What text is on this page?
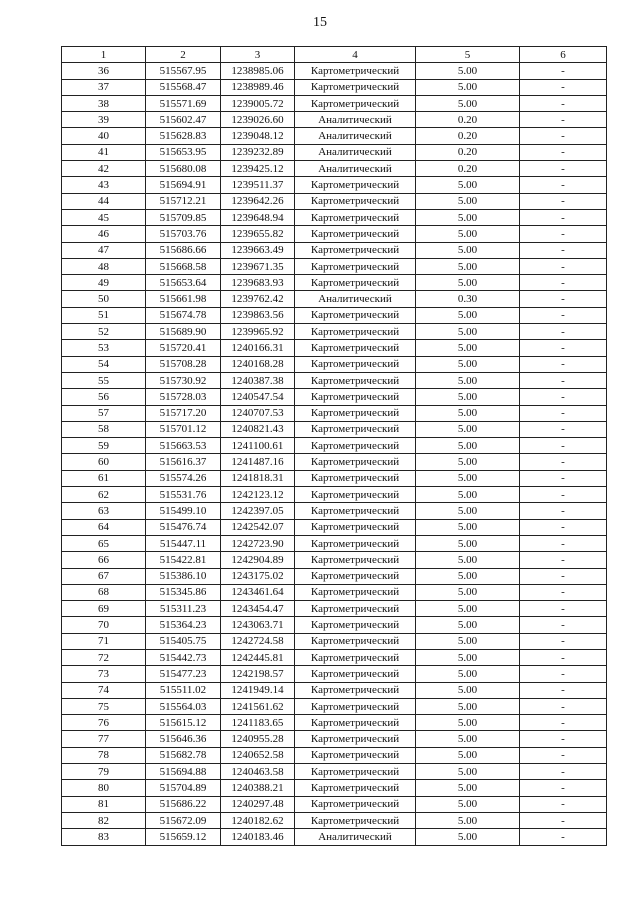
15
1	2	3	4	5	6
36	515567.95	1238985.06	Картометрический	5.00	-
37	515568.47	1238989.46	Картометрический	5.00	-
38	515571.69	1239005.72	Картометрический	5.00	-
39	515602.47	1239026.60	Аналитический	0.20	-
40	515628.83	1239048.12	Аналитический	0.20	-
41	515653.95	1239232.89	Аналитический	0.20	-
42	515680.08	1239425.12	Аналитический	0.20	-
43	515694.91	1239511.37	Картометрический	5.00	-
44	515712.21	1239642.26	Картометрический	5.00	-
45	515709.85	1239648.94	Картометрический	5.00	-
46	515703.76	1239655.82	Картометрический	5.00	-
47	515686.66	1239663.49	Картометрический	5.00	-
48	515668.58	1239671.35	Картометрический	5.00	-
49	515653.64	1239683.93	Картометрический	5.00	-
50	515661.98	1239762.42	Аналитический	0.30	-
51	515674.78	1239863.56	Картометрический	5.00	-
52	515689.90	1239965.92	Картометрический	5.00	-
53	515720.41	1240166.31	Картометрический	5.00	-
54	515708.28	1240168.28	Картометрический	5.00	-
55	515730.92	1240387.38	Картометрический	5.00	-
56	515728.03	1240547.54	Картометрический	5.00	-
57	515717.20	1240707.53	Картометрический	5.00	-
58	515701.12	1240821.43	Картометрический	5.00	-
59	515663.53	1241100.61	Картометрический	5.00	-
60	515616.37	1241487.16	Картометрический	5.00	-
61	515574.26	1241818.31	Картометрический	5.00	-
62	515531.76	1242123.12	Картометрический	5.00	-
63	515499.10	1242397.05	Картометрический	5.00	-
64	515476.74	1242542.07	Картометрический	5.00	-
65	515447.11	1242723.90	Картометрический	5.00	-
66	515422.81	1242904.89	Картометрический	5.00	-
67	515386.10	1243175.02	Картометрический	5.00	-
68	515345.86	1243461.64	Картометрический	5.00	-
69	515311.23	1243454.47	Картометрический	5.00	-
70	515364.23	1243063.71	Картометрический	5.00	-
71	515405.75	1242724.58	Картометрический	5.00	-
72	515442.73	1242445.81	Картометрический	5.00	-
73	515477.23	1242198.57	Картометрический	5.00	-
74	515511.02	1241949.14	Картометрический	5.00	-
75	515564.03	1241561.62	Картометрический	5.00	-
76	515615.12	1241183.65	Картометрический	5.00	-
77	515646.36	1240955.28	Картометрический	5.00	-
78	515682.78	1240652.58	Картометрический	5.00	-
79	515694.88	1240463.58	Картометрический	5.00	-
80	515704.89	1240388.21	Картометрический	5.00	-
81	515686.22	1240297.48	Картометрический	5.00	-
82	515672.09	1240182.62	Картометрический	5.00	-
83	515659.12	1240183.46	Аналитический	5.00	-
